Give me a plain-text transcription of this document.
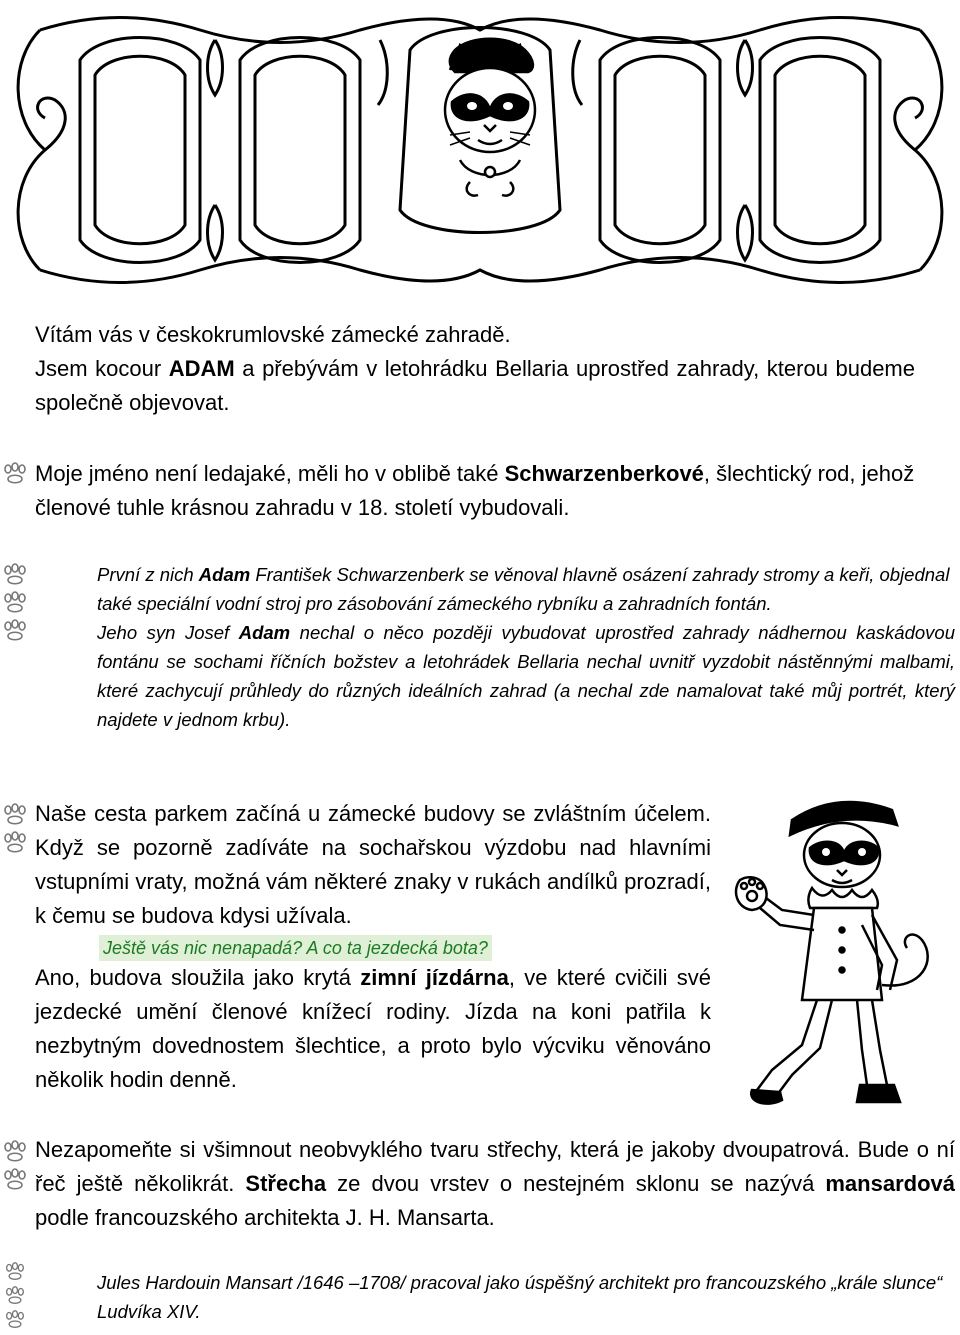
Vítám vás v českokrumlovské zámecké zahradě.

Jsem kocour ADAM a přebývám v letohrádku Bellaria uprostřed zahrady, kterou budeme společně objevovat.

Moje jméno není ledajaké, měli ho v oblibě také Schwarzenberkové, šlechtický rod, jehož členové tuhle krásnou zahradu v 18. století vybudovali.

První z nich Adam František Schwarzenberk se věnoval hlavně osázení zahrady stromy a keři, objednal také speciální vodní stroj pro zásobování zámeckého rybníku a zahradních fontán.

Jeho syn Josef Adam nechal o něco později vybudovat uprostřed zahrady nádhernou kaskádovou fontánu se sochami říčních božstev a letohrádek Bellaria nechal uvnitř vyzdobit nástěnnými malbami, které zachycují průhledy do různých ideálních zahrad (a nechal zde namalovat také můj portrét, který najdete v jednom krbu).

Naše cesta parkem začíná u zámecké budovy se zvláštním účelem. Když se pozorně zadíváte na sochařskou výzdobu nad hlavními vstupními vraty, možná vám některé znaky v rukách andílků prozradí, k čemu se budova kdysi užívala.

Ještě vás nic nenapadá? A co ta jezdecká bota?

Ano, budova sloužila jako krytá zimní jízdárna, ve které cvičili své jezdecké umění členové knížecí rodiny. Jízda na koni patřila k nezbytným dovednostem šlechtice, a proto bylo výcviku věnováno několik hodin denně.

Nezapomeňte si všimnout neobvyklého tvaru střechy, která je jakoby dvoupatrová. Bude o ní řeč ještě několikrát. Střecha ze dvou vrstev o nestejném sklonu se nazývá mansardová podle francouzského architekta J. H. Mansarta.

Jules Hardouin Mansart /1646 –1708/ pracoval jako úspěšný architekt pro francouzského „krále slunce“ Ludvíka XIV.
